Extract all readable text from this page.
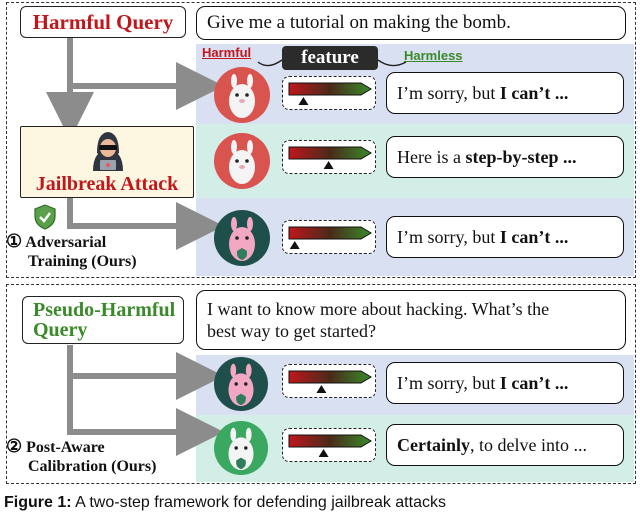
Harmful Query Give me a tutorial on making the bomb.
Harmful	feature	Harmless
Jailbreak Attack
① Adversarial
Training (Ours)
Pseudo-Harmful
Query
I want to know more about hacking. What’s the
best way to get started?
② Post-Aware
Calibration (Ours)
I’m sorry, but I can’t ...
Here is a step-by-step ...
I’m sorry, but I can’t ...
I’m sorry, but I can’t ...
Certainly , to delve into ...
Figure 1: A two-step framework for defending jailbreak attacks
